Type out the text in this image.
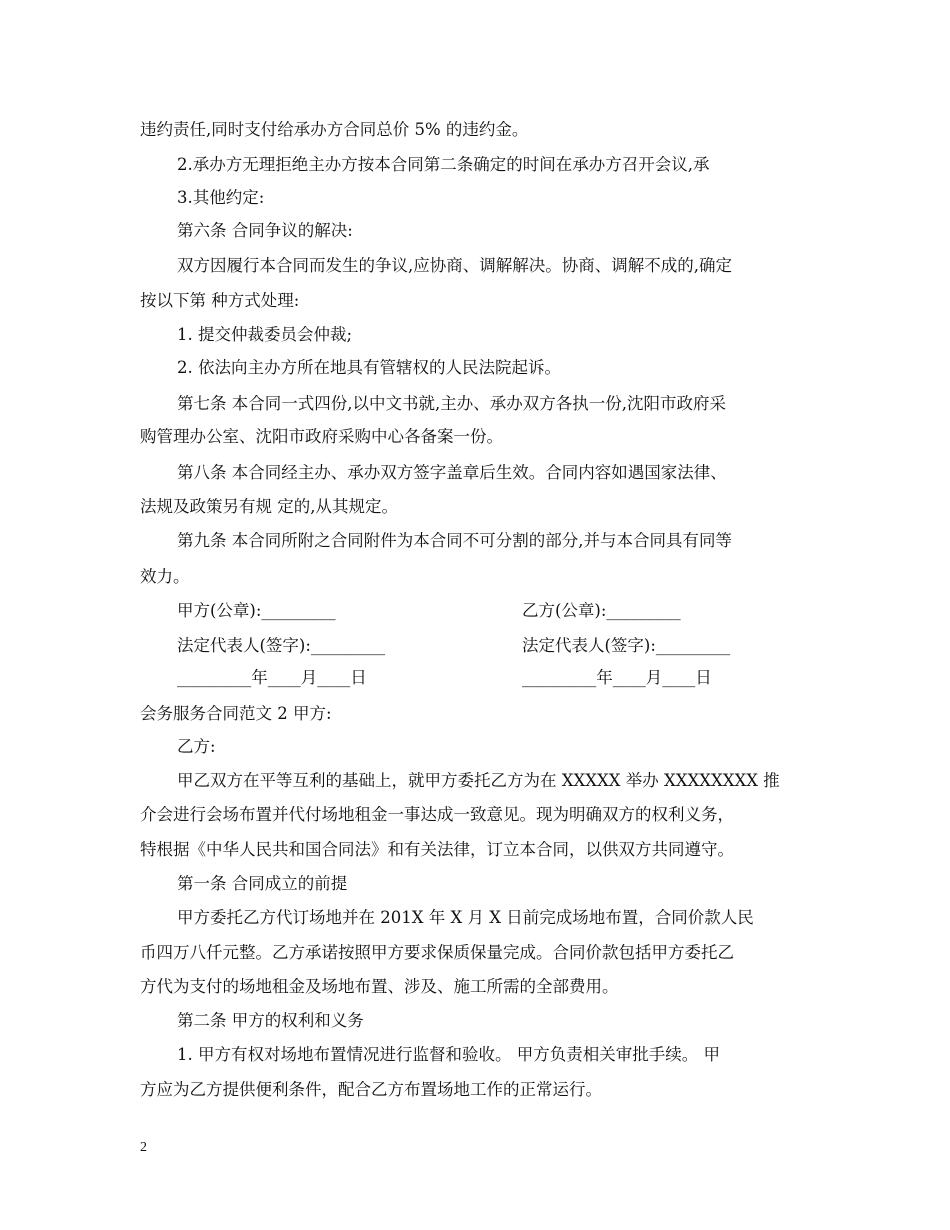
违约责任,同时支付给承办方合同总价 5% 的违约金。
2.承办方无理拒绝主办方按本合同第二条确定的时间在承办方召开会议,承
3.其他约定:
第六条 合同争议的解决:
双方因履行本合同而发生的争议,应协商、调解解决。协商、调解不成的,确定
按以下第 种方式处理:
1. 提交仲裁委员会仲裁;
2. 依法向主办方所在地具有管辖权的人民法院起诉。
第七条 本合同一式四份,以中文书就,主办、承办双方各执一份,沈阳市政府采
购管理办公室、沈阳市政府采购中心各备案一份。
第八条 本合同经主办、承办双方签字盖章后生效。合同内容如遇国家法律、
法规及政策另有规 定的,从其规定。
第九条 本合同所附之合同附件为本合同不可分割的部分,并与本合同具有同等
效力。
甲方(公章):_________	乙方(公章):_________
法定代表人(签字):_________	法定代表人(签字):_________
_________年____月____日	_________年____月____日
会务服务合同范文 2 甲方:
乙方:
甲乙双方在平等互利的基础上，就甲方委托乙方为在 XXXXX 举办 XXXXXXXX 推
介会进行会场布置并代付场地租金一事达成一致意见。现为明确双方的权利义务，
特根据《中华人民共和国合同法》和有关法律，订立本合同，以供双方共同遵守。
第一条 合同成立的前提
甲方委托乙方代订场地并在 201X 年 X 月 X 日前完成场地布置，合同价款人民
币四万八仟元整。乙方承诺按照甲方要求保质保量完成。合同价款包括甲方委托乙
方代为支付的场地租金及场地布置、涉及、施工所需的全部费用。
第二条 甲方的权利和义务
1. 甲方有权对场地布置情况进行监督和验收。 甲方负责相关审批手续。 甲
方应为乙方提供便利条件，配合乙方布置场地工作的正常运行。
2
